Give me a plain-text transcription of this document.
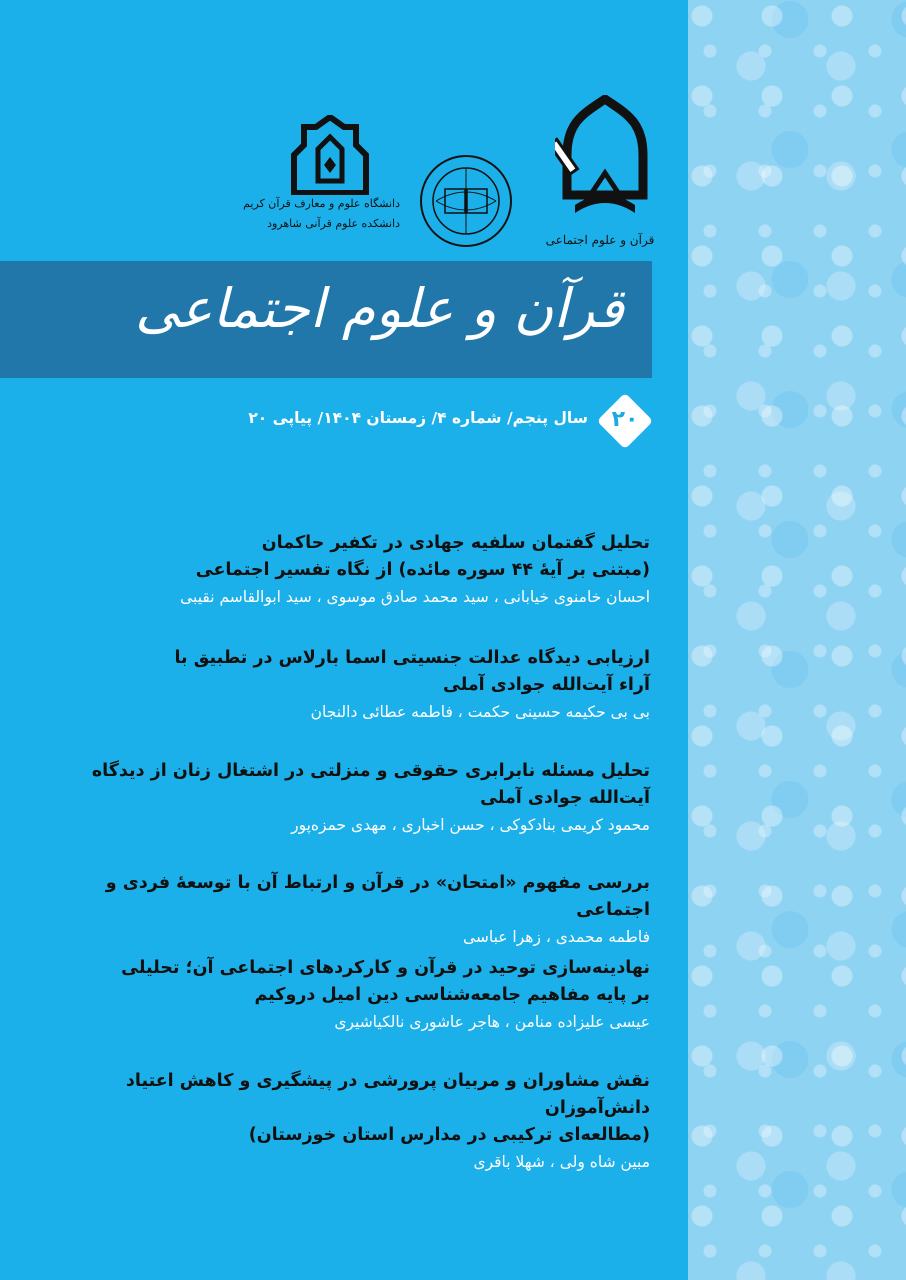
دانشگاه علوم و معارف قرآن کریم
دانشکده علوم قرآنی شاهرود
قرآن و علوم اجتماعی
قرآن و علوم اجتماعی
۲۰
سال پنجم/ شماره ۴/ زمستان ۱۴۰۴/ پیاپی ۲۰

تحلیل گفتمان سلفیه جهادی در تکفیر حاکمان

(مبتنی بر آیهٔ ۴۴ سوره مائده) از نگاه تفسیر اجتماعی

احسان خامنوی خیابانی ، سید محمد صادق موسوی ، سید ابوالقاسم نقیبی

ارزیابی دیدگاه عدالت جنسیتی اسما بارلاس در تطبیق با

آراء آیت‌الله جوادی آملی

بی بی حکیمه حسینی حکمت ، فاطمه عطائی دالنجان

تحلیل مسئله نابرابری حقوقی و منزلتی در اشتغال زنان از دیدگاه

آیت‌الله جوادی آملی

محمود کریمی بنادکوکی ، حسن اخباری ، مهدی حمزه‌پور

بررسی مفهوم «امتحان» در قرآن و ارتباط آن با توسعهٔ فردی و اجتماعی

فاطمه محمدی ، زهرا عباسی

نهادینه‌سازی توحید در قرآن و کارکردهای اجتماعی آن؛ تحلیلی

بر پایه مفاهیم جامعه‌شناسی دین امیل دروکیم

عیسی علیزاده منامن ، هاجر عاشوری نالکیاشیری

نقش مشاوران و مربیان پرورشی در پیشگیری و کاهش اعتیاد دانش‌آموزان

(مطالعه‌ای ترکیبی در مدارس استان خوزستان)

مبین شاه ولی ، شهلا باقری
